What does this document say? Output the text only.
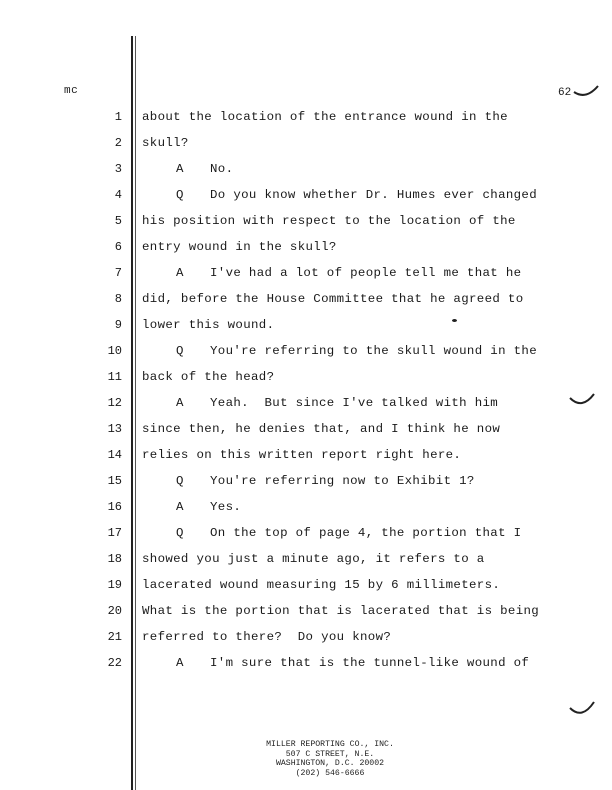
mc	62
1 about the location of the entrance wound in the
2 skull?
3	A No.
4	Q Do you know whether Dr. Humes ever changed
5 his position with respect to the location of the
6 entry wound in the skull?
7	A I've had a lot of people tell me that he
8 did, before the House Committee that he agreed to
9 lower this wound.
10	Q You're referring to the skull wound in the
11 back of the head?
12	A Yeah.  But since I've talked with him
13 since then, he denies that, and I think he now
14 relies on this written report right here.
15	Q You're referring now to Exhibit 1?
16	A Yes.
17	Q On the top of page 4, the portion that I
18 showed you just a minute ago, it refers to a
19 lacerated wound measuring 15 by 6 millimeters.
20 What is the portion that is lacerated that is being
21 referred to there?  Do you know?
22	A I'm sure that is the tunnel-like wound of
MILLER REPORTING CO., INC.
507 C STREET, N.E.
WASHINGTON, D.C. 20002
(202) 546-6666
